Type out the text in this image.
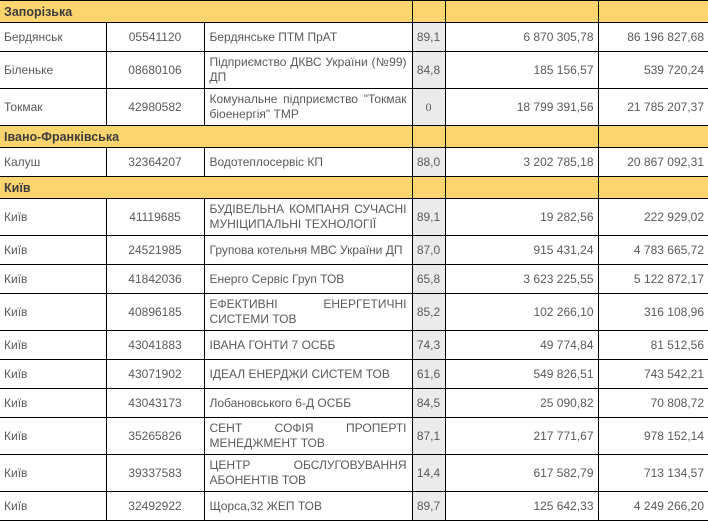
Запорізька					
Бердянськ	05541120	Бердянське ПТМ ПрАТ	89,1	6 870 305,78	86 196 827,68
Біленьке	08680106	Підприємство ДКВС України (№99) ДП	84,8	185 156,57	539 720,24
Токмак	42980582	Комунальне підприємство "Токмак біоенергія" ТМР	0	18 799 391,56	21 785 207,37
Івано-Франківська					
Калуш	32364207	Водотеплосервіс КП	88,0	3 202 785,18	20 867 092,31
Київ					
Київ	41119685	БУДІВЕЛЬНА КОМПАНЯ СУЧАСНІ МУНІЦИПАЛЬНІ ТЕХНОЛОГІЇ	89,1	19 282,56	222 929,02
Київ	24521985	Групова котельня МВС України ДП	87,0	915 431,24	4 783 665,72
Київ	41842036	Енерго Сервіс Груп ТОВ	65,8	3 623 225,55	5 122 872,17
Київ	40896185	ЕФЕКТИВНІ ЕНЕРГЕТИЧНІ СИСТЕМИ ТОВ	85,2	102 266,10	316 108,96
Київ	43041883	ІВАНА ГОНТИ 7 ОСББ	74,3	49 774,84	81 512,56
Київ	43071902	ІДЕАЛ ЕНЕРДЖИ СИСТЕМ ТОВ	61,6	549 826,51	743 542,21
Київ	43043173	Лобановського 6-Д ОСББ	84,5	25 090,82	70 808,72
Київ	35265826	СЕНТ СОФІЯ ПРОПЕРТІ МЕНЕДЖМЕНТ ТОВ	87,1	217 771,67	978 152,14
Київ	39337583	ЦЕНТР ОБСЛУГОВУВАННЯ АБОНЕНТІВ ТОВ	14,4	617 582,79	713 134,57
Київ	32492922	Щорса,32 ЖЕП ТОВ	89,7	125 642,33	4 249 266,20
